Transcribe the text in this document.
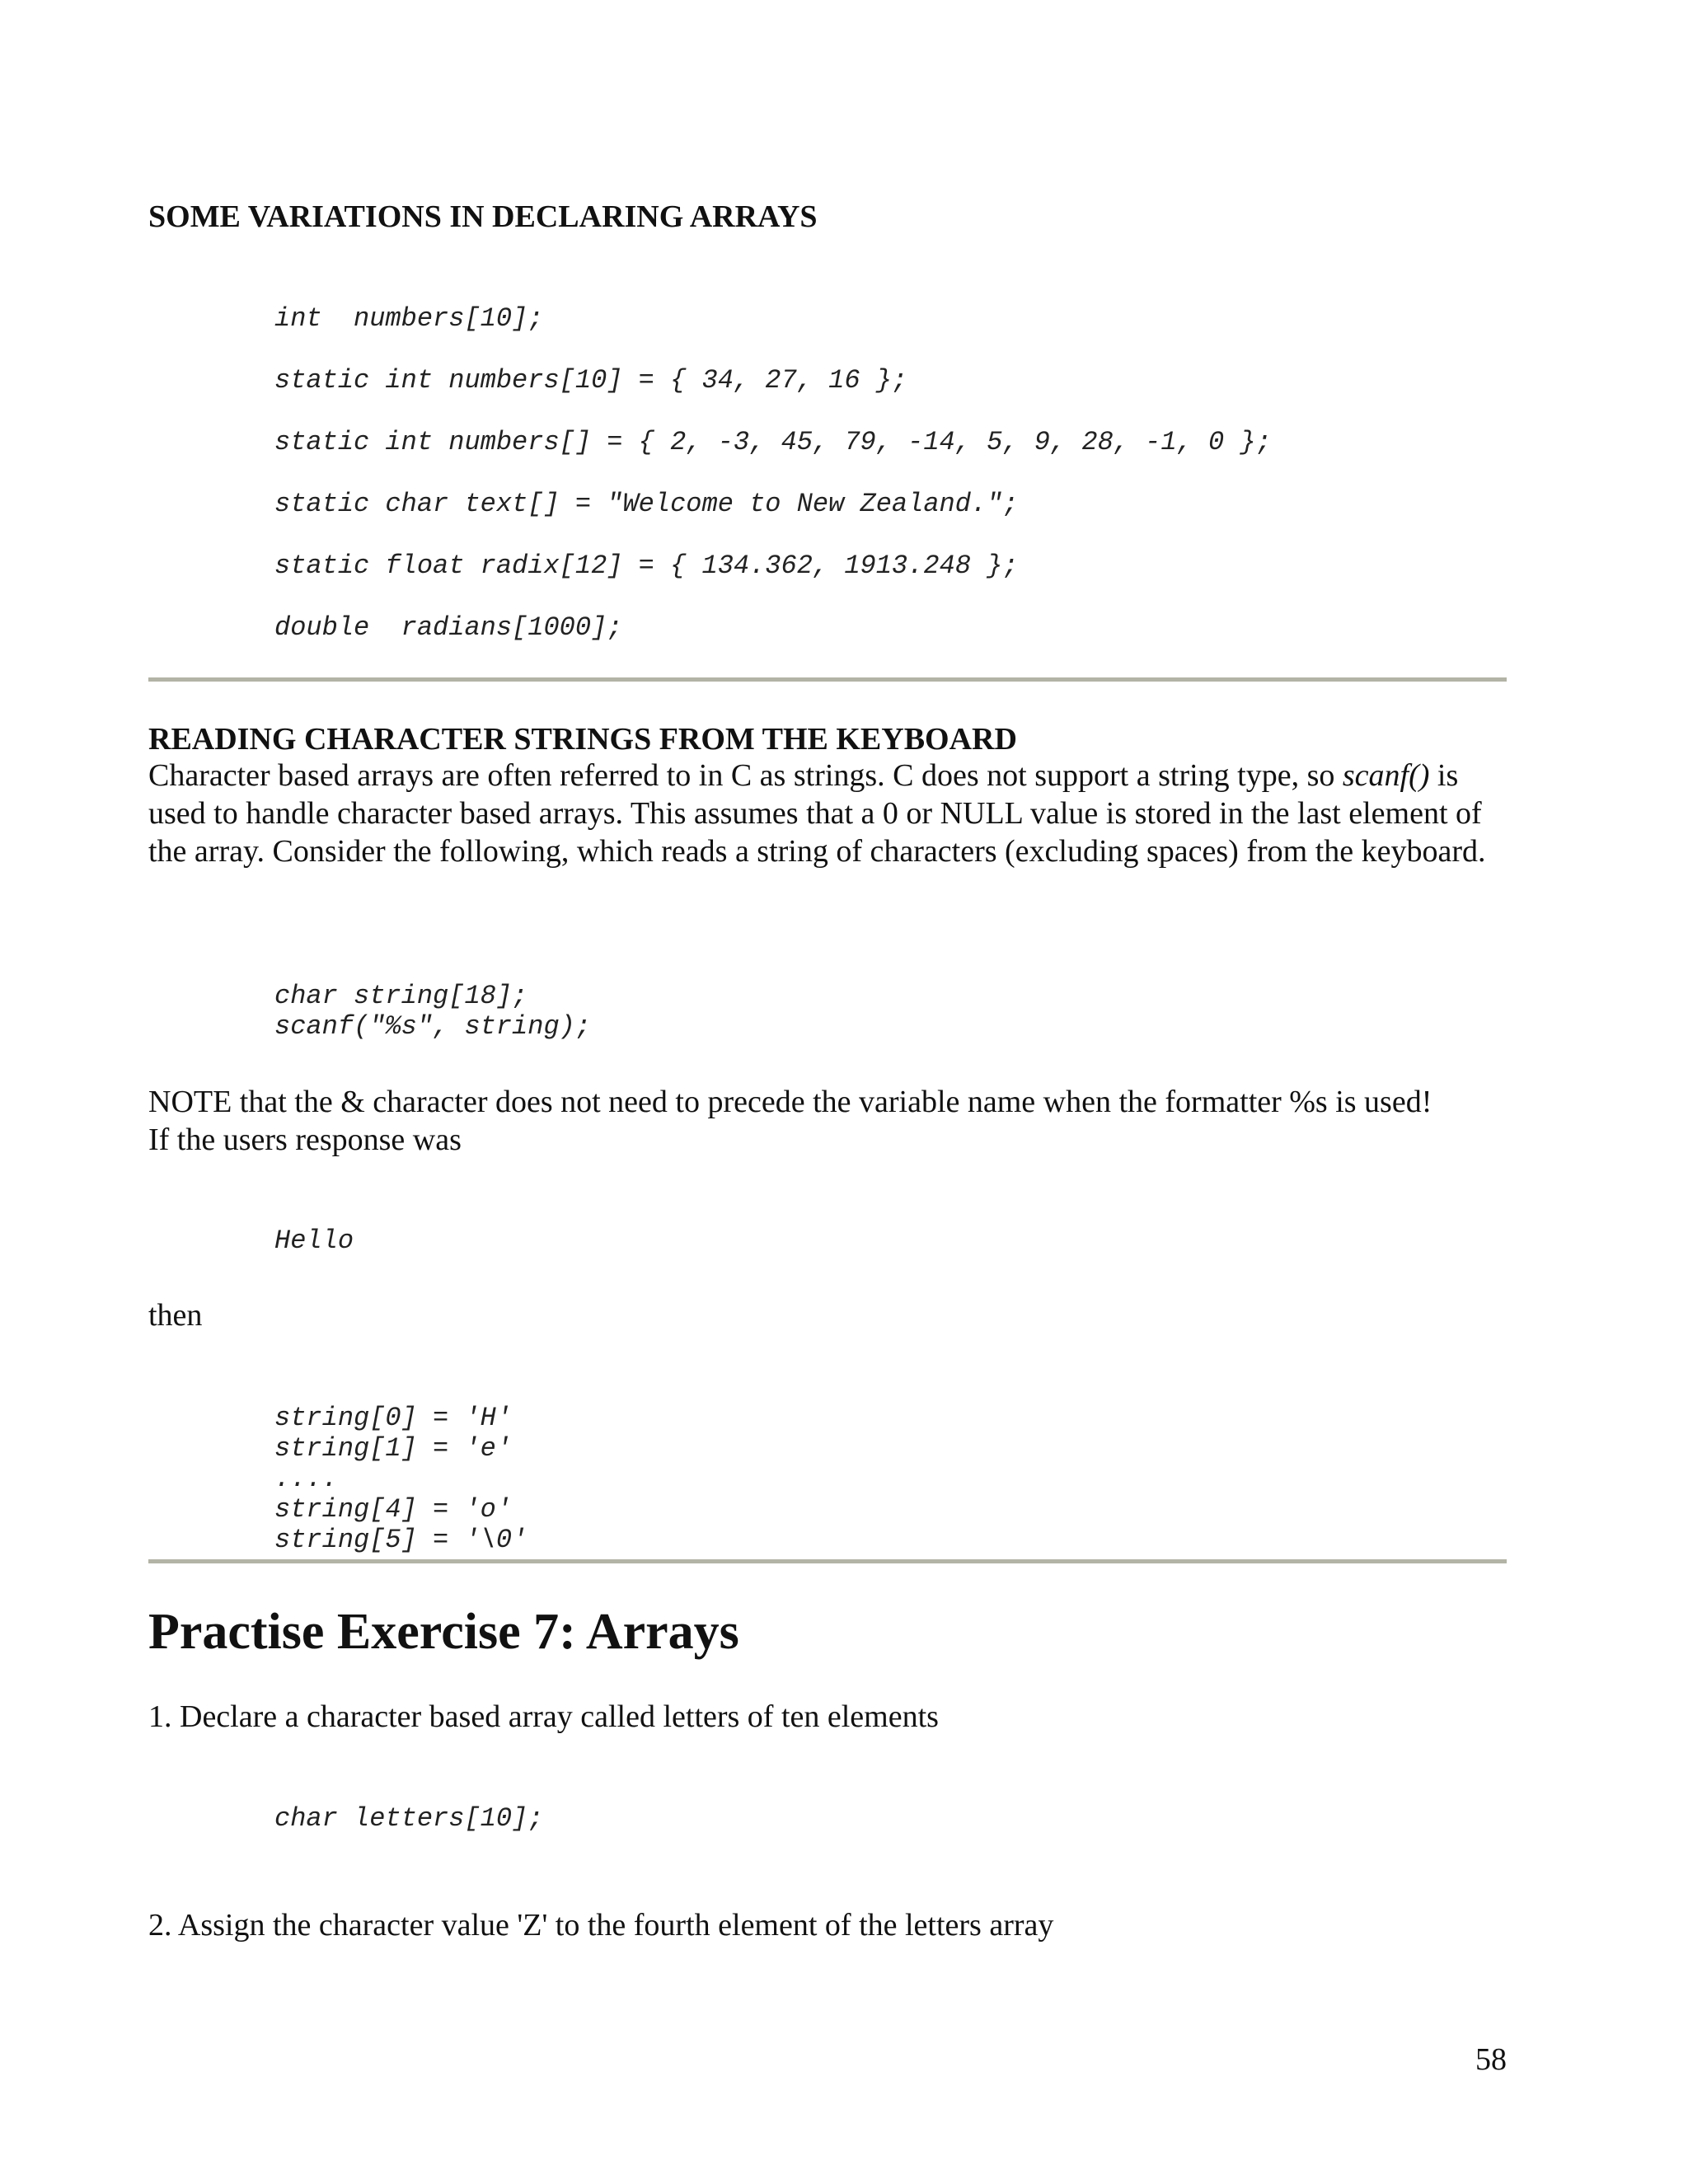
SOME VARIATIONS IN DECLARING ARRAYS

int  numbers[10];

static int numbers[10] = { 34, 27, 16 };

static int numbers[] = { 2, -3, 45, 79, -14, 5, 9, 28, -1, 0 };

static char text[] = "Welcome to New Zealand.";

static float radix[12] = { 134.362, 1913.248 };

double  radians[1000];

READING CHARACTER STRINGS FROM THE KEYBOARD

Character based arrays are often referred to in C as strings. C does not support a string type, so scanf() is used to handle character based arrays. This assumes that a 0 or NULL value is stored in the last element of the array. Consider the following, which reads a string of characters (excluding spaces) from the keyboard.

char string[18];

scanf("%s", string);

NOTE that the & character does not need to precede the variable name when the formatter %s is used!

If the users response was

Hello

then

string[0] = 'H'

string[1] = 'e'

....

string[4] = 'o'

string[5] = '\0'

Practise Exercise 7: Arrays

1. Declare a character based array called letters of ten elements

char letters[10];

2. Assign the character value 'Z' to the fourth element of the letters array

58
